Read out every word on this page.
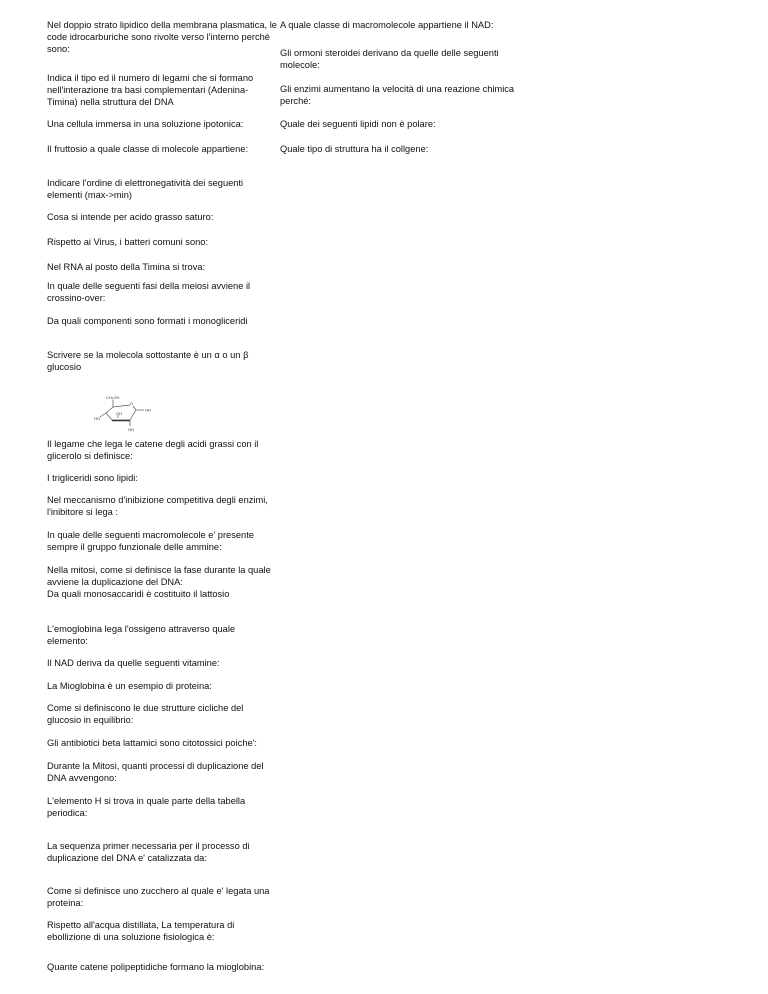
Nel doppio strato lipidico della membrana plasmatica, le code idrocarburiche sono rivolte verso l'interno perchè sono:

Indica il tipo ed il numero di legami che si formano nell'interazione tra basi complementari (Adenina-Timina) nella struttura del DNA

Una cellula immersa in una soluzione ipotonica:

Il fruttosio a quale classe di molecole appartiene:

Indicare l'ordine di elettronegatività dei seguenti elementi (max->min)

Cosa si intende per acido grasso saturo:

Rispetto ai Virus, i batteri comuni sono:

Nel RNA al posto della Timina si trova:

In quale delle seguenti fasi della meiosi avviene il crossino-over:

Da quali componenti sono formati i monogliceridi

Scrivere se la molecola sottostante è un α o un β glucosio

CH₂OH
O
OH
OH
HO
OH

Il legame che lega le catene degli acidi grassi con il glicerolo si definisce:

I trigliceridi sono lipidi:

Nel meccanismo d'inibizione competitiva degli enzimi, l'inibitore si lega :

In quale delle seguenti macromolecole e' presente sempre il gruppo funzionale delle ammine:

Nella mitosi, come si definisce la fase durante la quale avviene la duplicazione del DNA:
Da quali monosaccaridi è costituito il lattosio

L'emoglobina lega l'ossigeno attraverso quale elemento:

Il NAD deriva da quelle seguenti vitamine:

La Mioglobina è un esempio di proteina:

Come si definiscono le due strutture cicliche del glucosio in equilibrio:

Gli antibiotici beta lattamici sono citotossici poiche':

Durante la Mitosi, quanti processi di duplicazione del DNA avvengono:

L'elemento H si trova in quale parte della tabella periodica:

La sequenza primer necessaria per il processo di duplicazione del DNA e' catalizzata da:

Come si definisce uno zucchero al quale e' legata una proteina:

Rispetto all'acqua distillata, La temperatura di ebollizione di una soluzione fisiologica è:

Quante catene polipeptidiche formano la mioglobina:

A quale classe di macromolecole appartiene il NAD:

Gli ormoni steroidei derivano da quelle delle seguenti molecole:

Gli enzimi aumentano la velocità di una reazione chimica perché:

Quale dei seguenti lipidi non è polare:

Quale tipo di struttura ha il collgene:
